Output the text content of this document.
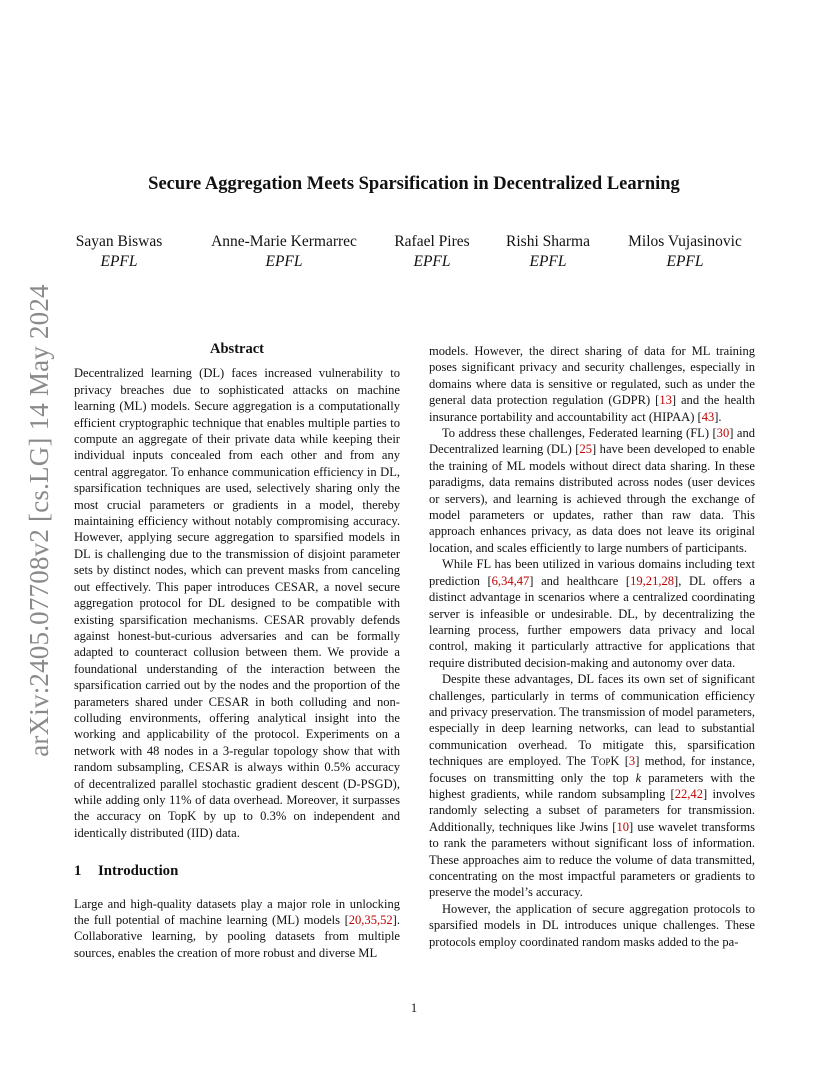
arXiv:2405.07708v2 [cs.LG] 14 May 2024
Secure Aggregation Meets Sparsification in Decentralized Learning
Sayan Biswas
EPFL
Anne-Marie Kermarrec
EPFL
Rafael Pires
EPFL
Rishi Sharma
EPFL
Milos Vujasinovic
EPFL
Abstract

Decentralized learning (DL) faces increased vulnerability to privacy breaches due to sophisticated attacks on machine learning (ML) models. Secure aggregation is a computationally efficient cryptographic technique that enables multiple parties to compute an aggregate of their private data while keeping their individual inputs concealed from each other and from any central aggregator. To enhance communication efficiency in DL, sparsification techniques are used, selectively sharing only the most crucial parameters or gradients in a model, thereby maintaining efficiency without notably compromising accuracy. However, applying secure aggregation to sparsified models in DL is challenging due to the transmission of disjoint parameter sets by distinct nodes, which can prevent masks from canceling out effectively. This paper introduces CESAR, a novel secure aggregation protocol for DL designed to be compatible with existing sparsification mechanisms. CESAR provably defends against honest-but-curious adversaries and can be formally adapted to counteract collusion between them. We provide a foundational understanding of the interaction between the sparsification carried out by the nodes and the proportion of the parameters shared under CESAR in both colluding and non-colluding environments, offering analytical insight into the working and applicability of the protocol. Experiments on a network with 48 nodes in a 3-regular topology show that with random subsampling, CESAR is always within 0.5% accuracy of decentralized parallel stochastic gradient descent (D-PSGD), while adding only 11% of data overhead. Moreover, it surpasses the accuracy on TopK by up to 0.3% on independent and identically distributed (IID) data.

1 Introduction

Large and high-quality datasets play a major role in unlocking the full potential of machine learning (ML) models [20,35,52]. Collaborative learning, by pooling datasets from multiple sources, enables the creation of more robust and diverse ML

models. However, the direct sharing of data for ML training poses significant privacy and security challenges, especially in domains where data is sensitive or regulated, such as under the general data protection regulation (GDPR) [13] and the health insurance portability and accountability act (HIPAA) [43].

To address these challenges, Federated learning (FL) [30] and Decentralized learning (DL) [25] have been developed to enable the training of ML models without direct data sharing. In these paradigms, data remains distributed across nodes (user devices or servers), and learning is achieved through the exchange of model parameters or updates, rather than raw data. This approach enhances privacy, as data does not leave its original location, and scales efficiently to large numbers of participants.

While FL has been utilized in various domains including text prediction [6,34,47] and healthcare [19,21,28], DL offers a distinct advantage in scenarios where a centralized coordinating server is infeasible or undesirable. DL, by decentralizing the learning process, further empowers data privacy and local control, making it particularly attractive for applications that require distributed decision-making and autonomy over data.

Despite these advantages, DL faces its own set of significant challenges, particularly in terms of communication efficiency and privacy preservation. The transmission of model parameters, especially in deep learning networks, can lead to substantial communication overhead. To mitigate this, sparsification techniques are employed. The TopK [3] method, for instance, focuses on transmitting only the top k parameters with the highest gradients, while random subsampling [22,42] involves randomly selecting a subset of parameters for transmission. Additionally, techniques like Jwins [10] use wavelet transforms to rank the parameters without significant loss of information. These approaches aim to reduce the volume of data transmitted, concentrating on the most impactful parameters or gradients to preserve the model’s accuracy.

However, the application of secure aggregation protocols to sparsified models in DL introduces unique challenges. These protocols employ coordinated random masks added to the pa-

1
